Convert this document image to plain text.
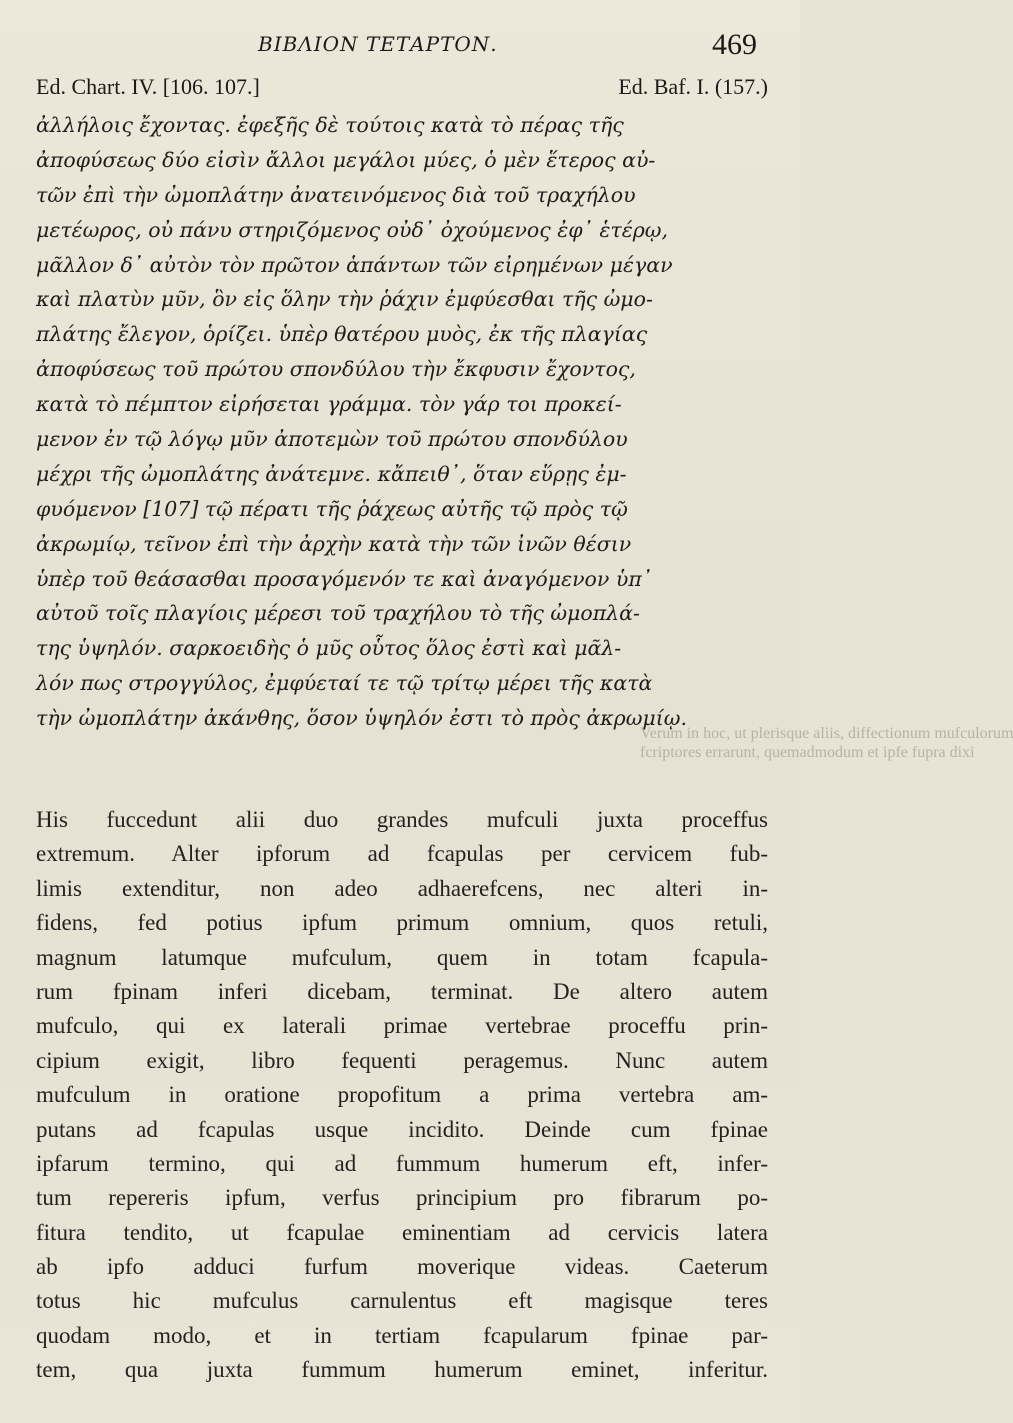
Verum in hoc, ut plerisque aliis, diffectionum mufculorum
fcriptores errarunt, quemadmodum et ipfe fupra dixi
ΒΙΒΛΙΟΝ ΤΕΤΑΡΤΟΝ.	469
Ed. Chart. IV. [106. 107.]	Ed. Baf. I. (157.)
ἀλλήλοις ἔχοντας. ἐφεξῆς δὲ τούτοις κατὰ τὸ πέρας τῆς
ἀποφύσεως δύο εἰσὶν ἄλλοι μεγάλοι μύες, ὁ μὲν ἕτερος αὐ-
τῶν ἐπὶ τὴν ὠμοπλάτην ἀνατεινόμενος διὰ τοῦ τραχήλου
μετέωρος, οὐ πάνυ στηριζόμενος οὐδ᾽ ὀχούμενος ἐφ᾽ ἑτέρῳ,
μᾶλλον δ᾽ αὐτὸν τὸν πρῶτον ἁπάντων τῶν εἰρημένων μέγαν
καὶ πλατὺν μῦν, ὃν εἰς ὅλην τὴν ῥάχιν ἐμφύεσθαι τῆς ὠμο-
πλάτης ἔλεγον, ὁρίζει. ὑπὲρ θατέρου μυὸς, ἐκ τῆς πλαγίας
ἀποφύσεως τοῦ πρώτου σπονδύλου τὴν ἔκφυσιν ἔχοντος,
κατὰ τὸ πέμπτον εἰρήσεται γράμμα. τὸν γάρ τοι προκεί-
μενον ἐν τῷ λόγῳ μῦν ἀποτεμὼν τοῦ πρώτου σπονδύλου
μέχρι τῆς ὠμοπλάτης ἀνάτεμνε. κἄπειθ᾽, ὅταν εὕρῃς ἐμ-
φυόμενον [107] τῷ πέρατι τῆς ῥάχεως αὐτῆς τῷ πρὸς τῷ
ἀκρωμίῳ, τεῖνον ἐπὶ τὴν ἀρχὴν κατὰ τὴν τῶν ἰνῶν θέσιν
ὑπὲρ τοῦ θεάσασθαι προσαγόμενόν τε καὶ ἀναγόμενον ὑπ᾽
αὐτοῦ τοῖς πλαγίοις μέρεσι τοῦ τραχήλου τὸ τῆς ὠμοπλά-
της ὑψηλόν. σαρκοειδὴς ὁ μῦς οὗτος ὅλος ἐστὶ καὶ μᾶλ-
λόν πως στρογγύλος, ἐμφύεταί τε τῷ τρίτῳ μέρει τῆς κατὰ
τὴν ὠμοπλάτην ἀκάνθης, ὅσον ὑψηλόν ἐστι τὸ πρὸς ἀκρωμίῳ.
His fuccedunt alii duo grandes mufculi juxta proceffus
extremum. Alter ipforum ad fcapulas per cervicem fub-
limis extenditur, non adeo adhaerefcens, nec alteri in-
fidens, fed potius ipfum primum omnium, quos retuli,
magnum latumque mufculum, quem in totam fcapula-
rum fpinam inferi dicebam, terminat. De altero autem
mufculo, qui ex laterali primae vertebrae proceffu prin-
cipium exigit, libro fequenti peragemus. Nunc autem
mufculum in oratione propofitum a prima vertebra am-
putans ad fcapulas usque incidito. Deinde cum fpinae
ipfarum termino, qui ad fummum humerum eft, infer-
tum repereris ipfum, verfus principium pro fibrarum po-
fitura tendito, ut fcapulae eminentiam ad cervicis latera
ab ipfo adduci furfum moverique videas. Caeterum
totus hic mufculus carnulentus eft magisque teres
quodam modo, et in tertiam fcapularum fpinae par-
tem, qua juxta fummum humerum eminet, inferitur.
